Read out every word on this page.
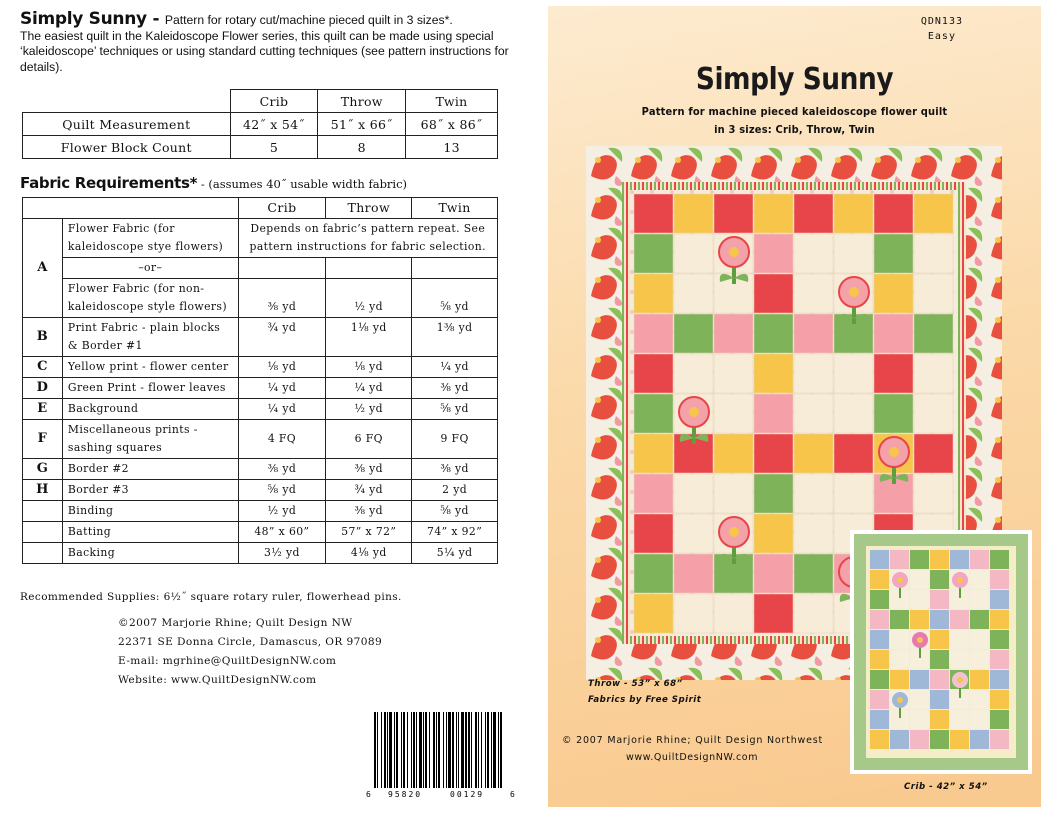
Simply Sunny - Pattern for rotary cut/machine pieced quilt in 3 sizes*.
The easiest quilt in the Kaleidoscope Flower series, this quilt can be made using special ‘kaleidoscope’ techniques or using standard cutting techniques (see pattern instructions for details).
	Crib	Throw	Twin
Quilt Measurement	42˝ x 54˝	51˝ x 66˝	68˝ x 86˝
Flower Block Count	5	8	13
Fabric Requirements* - (assumes 40˝ usable width fabric)
		Crib	Throw	Twin
A	Flower Fabric (for kaleidoscope stye flowers)	Depends on fabric’s pattern repeat. See pattern instructions for fabric selection.		
	–or–			
	Flower Fabric (for non-kaleidoscope style flowers)	⅜ yd	½ yd	⅝ yd
B	Print Fabric - plain blocks & Border #1	¾ yd	1⅛ yd	1⅜ yd
C	Yellow print - flower center	⅛ yd	⅛ yd	¼ yd
D	Green Print - flower leaves	¼ yd	¼ yd	⅜ yd
E	Background	¼ yd	½ yd	⅝ yd
F	Miscellaneous prints - sashing squares	4 FQ	6 FQ	9 FQ
G	Border #2	⅜ yd	⅜ yd	⅜ yd
H	Border #3	⅝ yd	¾ yd	2 yd
	Binding	½ yd	⅜ yd	⅝ yd
	Batting	48” x 60”	57” x 72”	74” x 92”
	Backing	3½ yd	4⅛ yd	5¼ yd
Recommended Supplies: 6½˝ square rotary ruler, flowerhead pins.
©2007 Marjorie Rhine; Quilt Design NW
22371 SE Donna Circle, Damascus, OR 97089
E-mail: mgrhine@QuiltDesignNW.com
Website: www.QuiltDesignNW.com
6 95820	00129	6
QDN133
Easy
Simply Sunny
Pattern for machine pieced kaleidoscope flower quilt
in 3 sizes: Crib, Throw, Twin
Throw - 53” x 68”
Fabrics by Free Spirit
© 2007 Marjorie Rhine; Quilt Design Northwest
www.QuiltDesignNW.com
Crib - 42” x 54”
